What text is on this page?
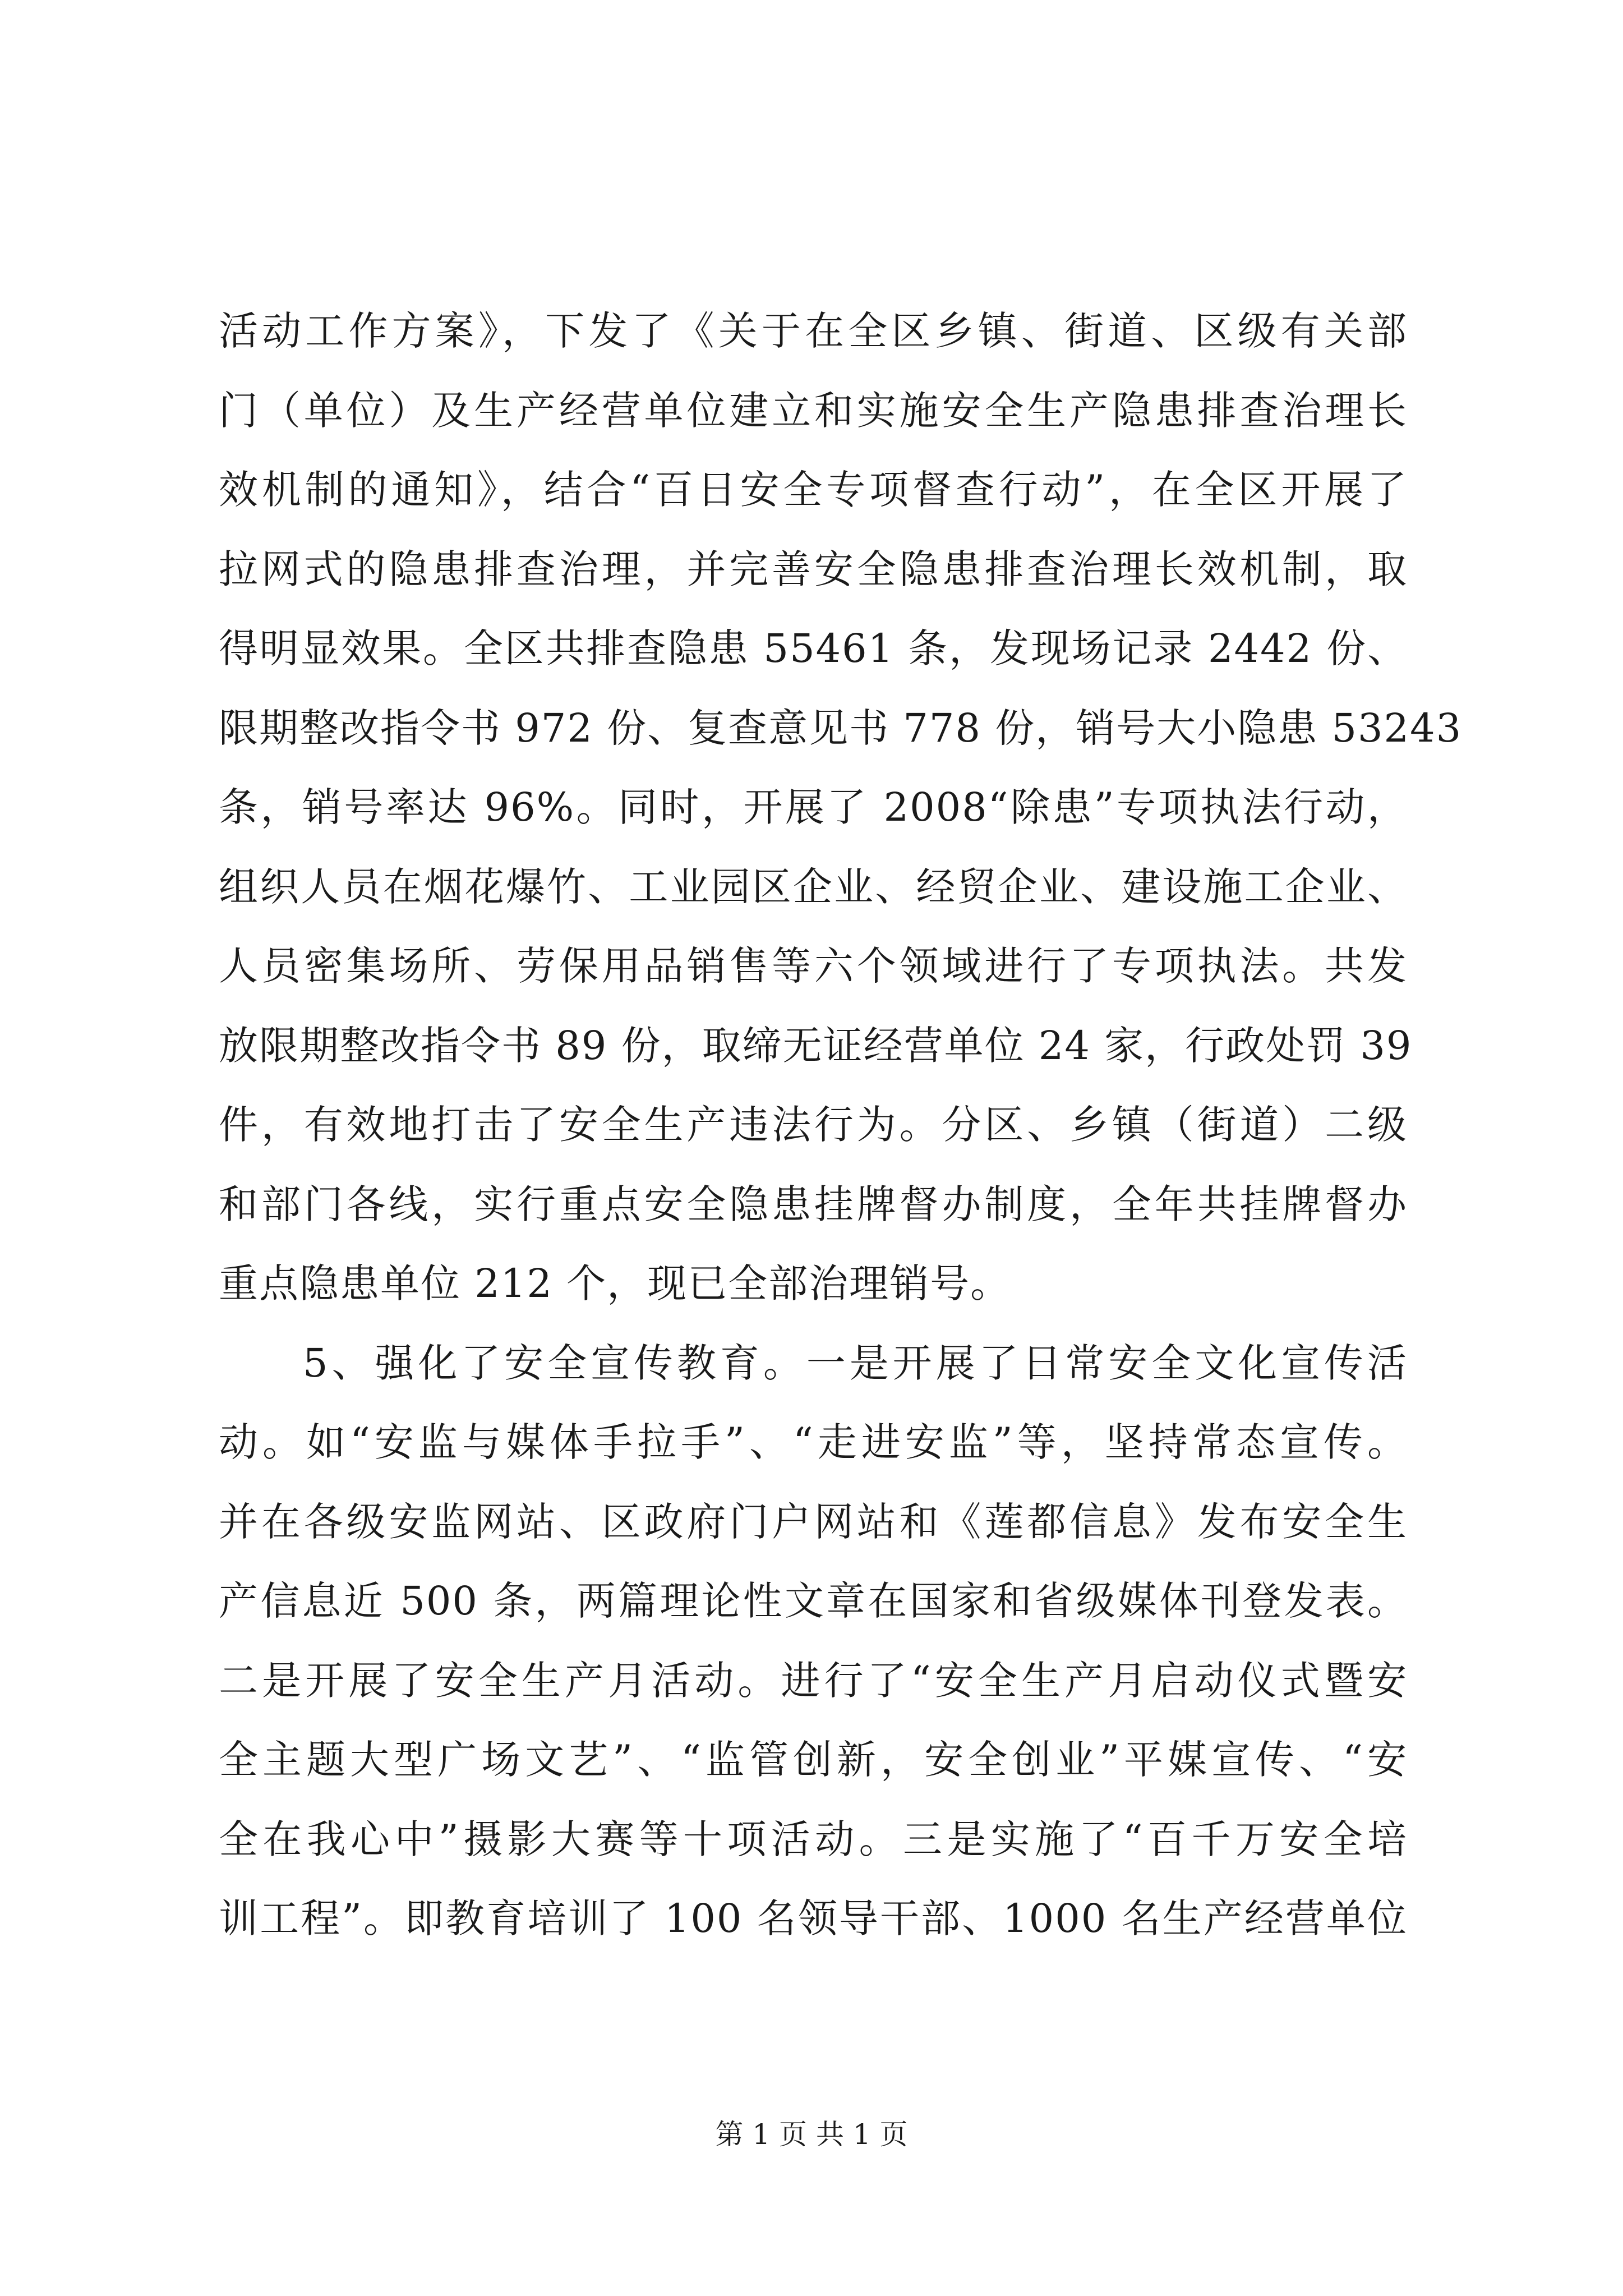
活动工作方案》，下发了《关于在全区乡镇、街道、区级有关部
门（单位）及生产经营单位建立和实施安全生产隐患排查治理长
效机制的通知》，结合“百日安全专项督查行动”，在全区开展了
拉网式的隐患排查治理，并完善安全隐患排查治理长效机制，取
得明显效果。全区共排查隐患 55461 条，发现场记录 2442 份、
限期整改指令书 972 份、复查意见书 778 份，销号大小隐患 53243
条，销号率达 96%。同时，开展了 2008“除患”专项执法行动，
组织人员在烟花爆竹、工业园区企业、经贸企业、建设施工企业、
人员密集场所、劳保用品销售等六个领域进行了专项执法。共发
放限期整改指令书 89 份，取缔无证经营单位 24 家，行政处罚 39
件，有效地打击了安全生产违法行为。分区、乡镇（街道）二级
和部门各线，实行重点安全隐患挂牌督办制度，全年共挂牌督办
重点隐患单位 212 个，现已全部治理销号。
5、强化了安全宣传教育。一是开展了日常安全文化宣传活
动。如“安监与媒体手拉手”、“走进安监”等，坚持常态宣传。
并在各级安监网站、区政府门户网站和《莲都信息》发布安全生
产信息近 500 条，两篇理论性文章在国家和省级媒体刊登发表。
二是开展了安全生产月活动。进行了“安全生产月启动仪式暨安
全主题大型广场文艺”、“监管创新，安全创业”平媒宣传、“安
全在我心中”摄影大赛等十项活动。三是实施了“百千万安全培
训工程”。即教育培训了 100 名领导干部、1000 名生产经营单位
第 1 页 共 1 页
